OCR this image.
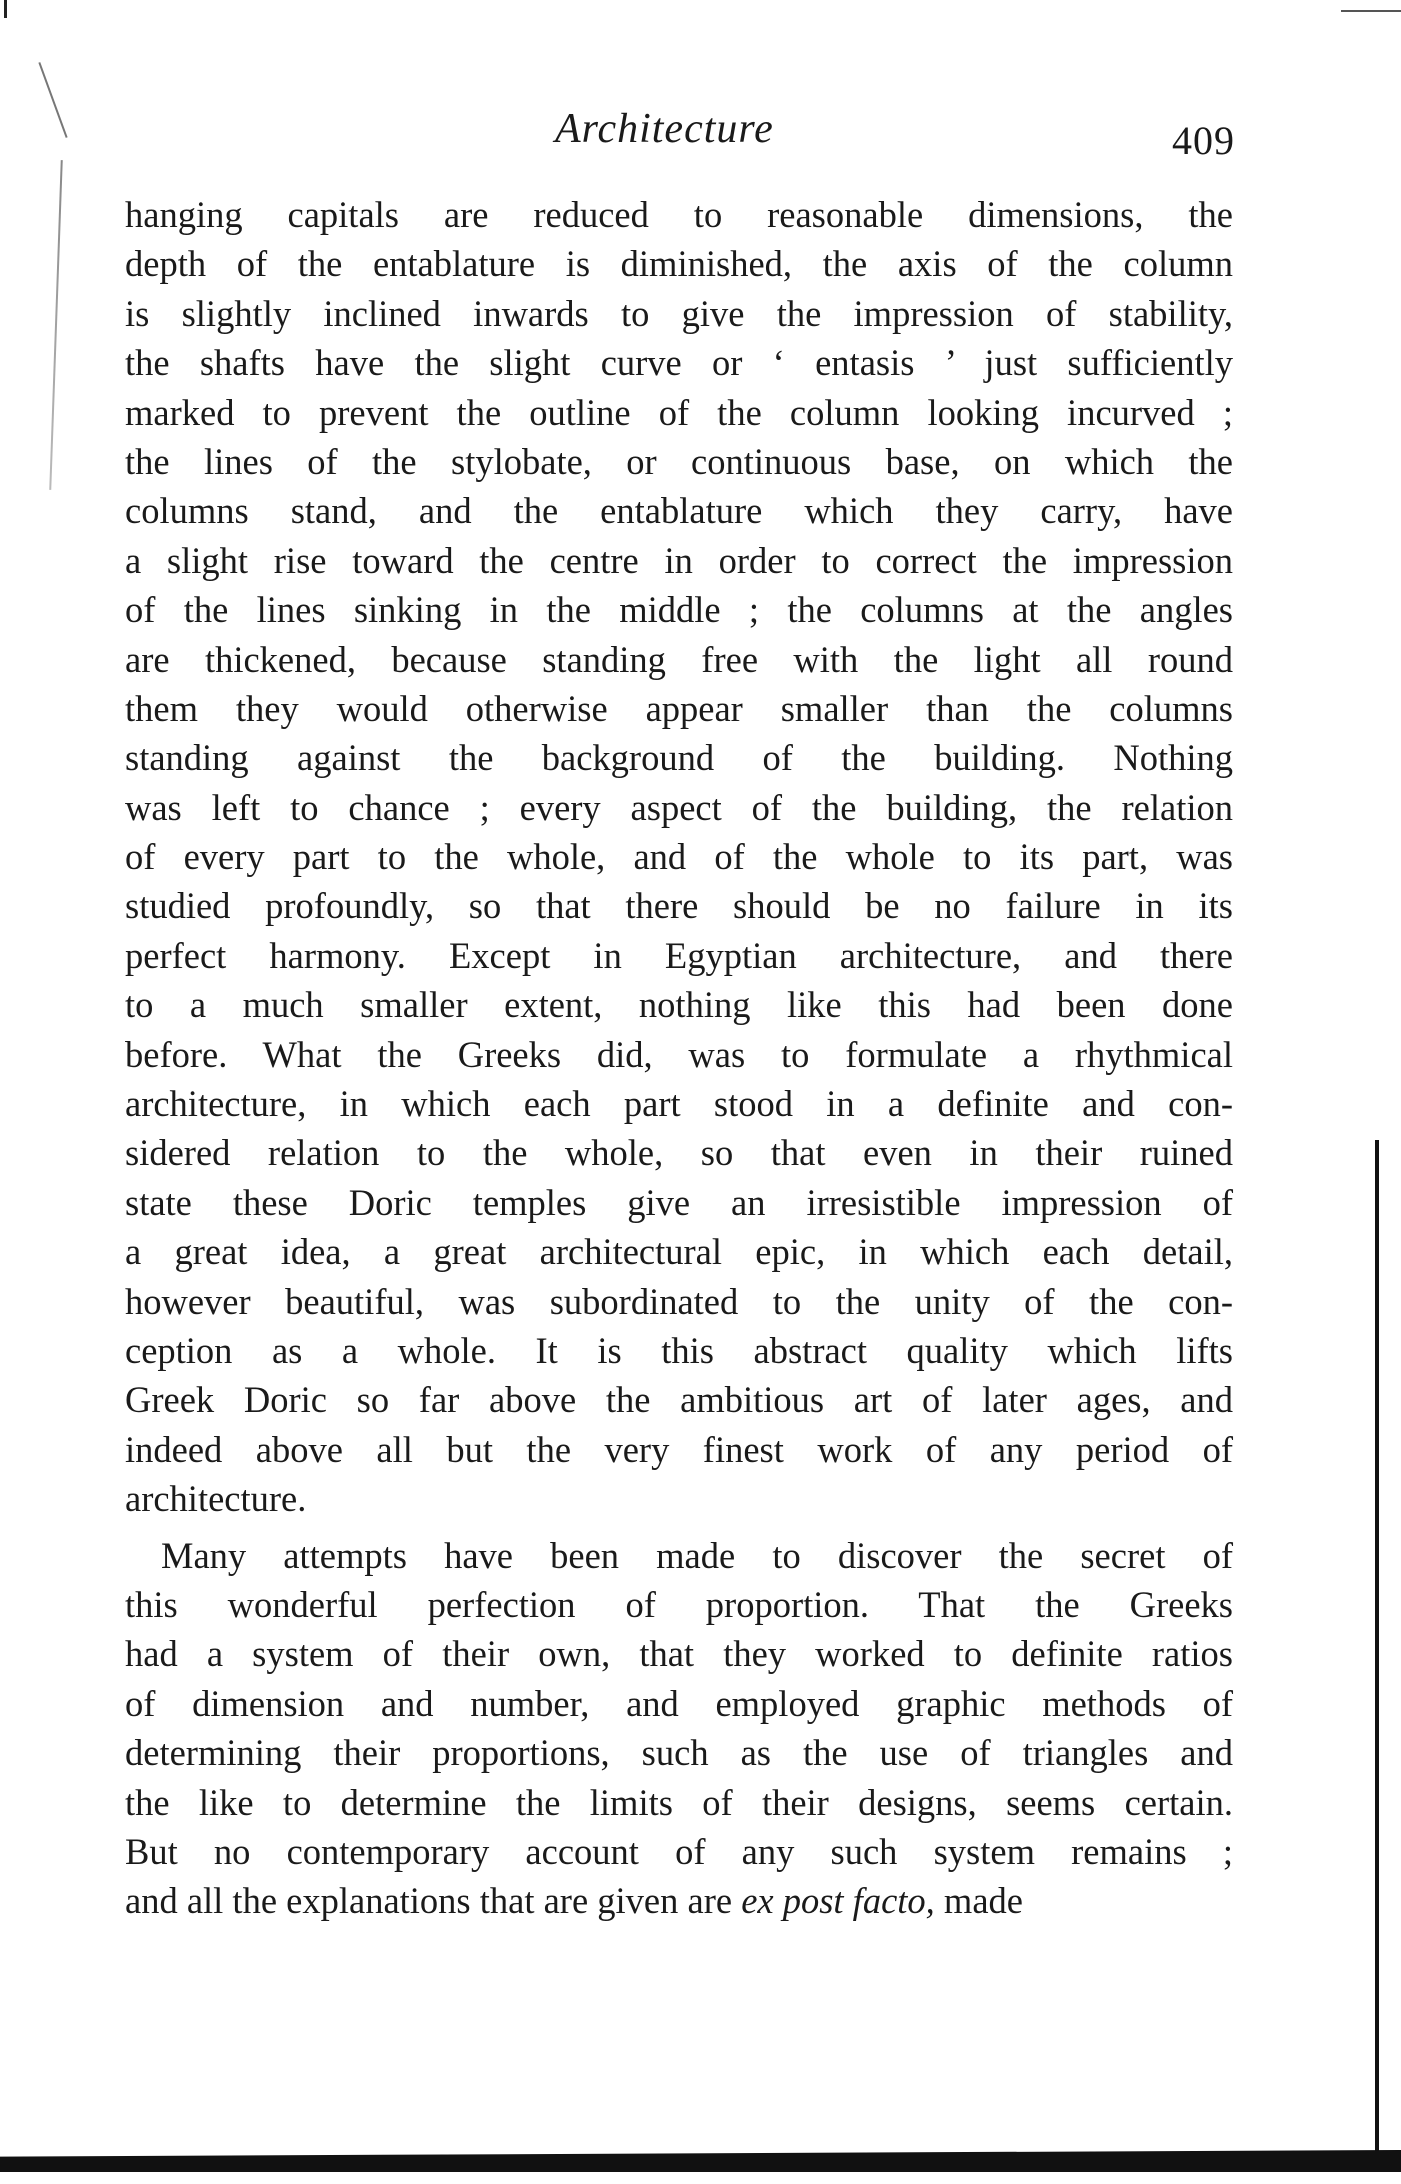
Architecture	409
hanging capitals are reduced to reasonable dimensions, the
depth of the entablature is diminished, the axis of the column
is slightly inclined inwards to give the impression of stability,
the shafts have the slight curve or ‘ entasis ’ just sufficiently
marked to prevent the outline of the column looking incurved ;
the lines of the stylobate, or continuous base, on which the
columns stand, and the entablature which they carry, have
a slight rise toward the centre in order to correct the impression
of the lines sinking in the middle ; the columns at the angles
are thickened, because standing free with the light all round
them they would otherwise appear smaller than the columns
standing against the background of the building. Nothing
was left to chance ; every aspect of the building, the relation
of every part to the whole, and of the whole to its part, was
studied profoundly, so that there should be no failure in its
perfect harmony. Except in Egyptian architecture, and there
to a much smaller extent, nothing like this had been done
before. What the Greeks did, was to formulate a rhythmical
architecture, in which each part stood in a definite and con-
sidered relation to the whole, so that even in their ruined
state these Doric temples give an irresistible impression of
a great idea, a great architectural epic, in which each detail,
however beautiful, was subordinated to the unity of the con-
ception as a whole. It is this abstract quality which lifts
Greek Doric so far above the ambitious art of later ages, and
indeed above all but the very finest work of any period of
architecture.
Many attempts have been made to discover the secret of
this wonderful perfection of proportion. That the Greeks
had a system of their own, that they worked to definite ratios
of dimension and number, and employed graphic methods of
determining their proportions, such as the use of triangles and
the like to determine the limits of their designs, seems certain.
But no contemporary account of any such system remains ;
and all the explanations that are given are ex post facto, made
